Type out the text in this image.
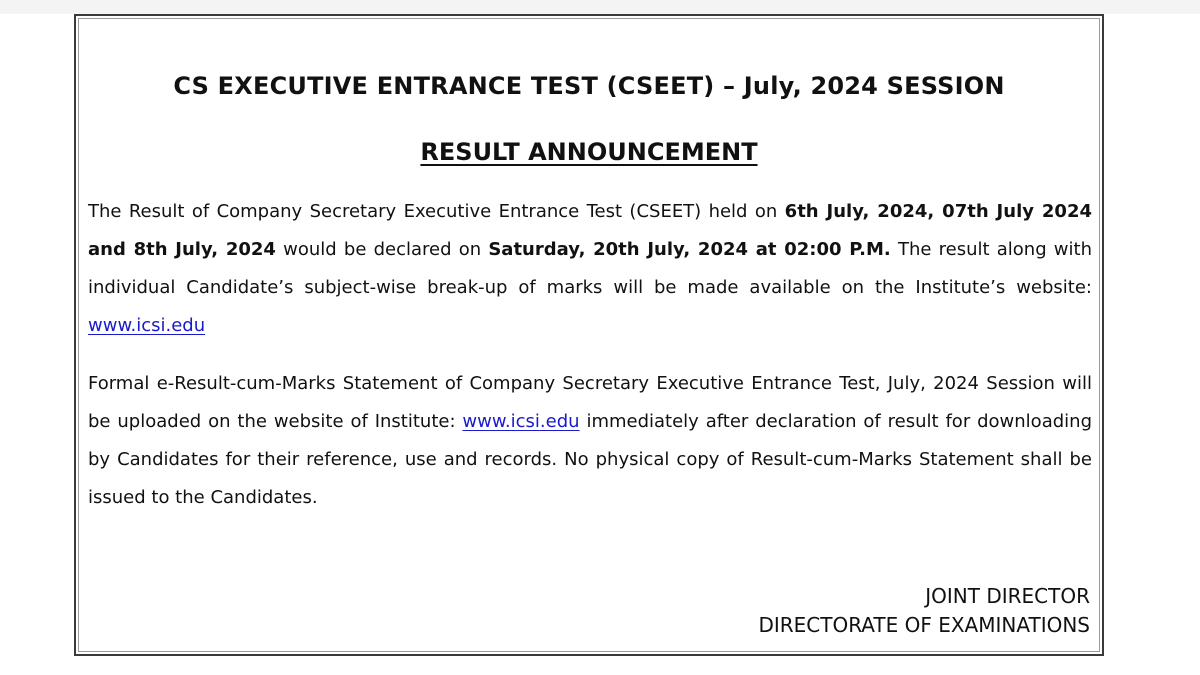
CS EXECUTIVE ENTRANCE TEST (CSEET) – July, 2024 SESSION
RESULT ANNOUNCEMENT

The Result of Company Secretary Executive Entrance Test (CSEET) held on 6th July, 2024, 07th July 2024 and 8th July, 2024 would be declared on Saturday, 20th July, 2024 at 02:00 P.M. The result along with individual Candidate’s subject-wise break-up of marks will be made available on the Institute’s website: www.icsi.edu

Formal e-Result-cum-Marks Statement of Company Secretary Executive Entrance Test, July, 2024 Session will be uploaded on the website of Institute: www.icsi.edu immediately after declaration of result for downloading by Candidates for their reference, use and records. No physical copy of Result-cum-Marks Statement shall be issued to the Candidates.

JOINT DIRECTOR
DIRECTORATE OF EXAMINATIONS
